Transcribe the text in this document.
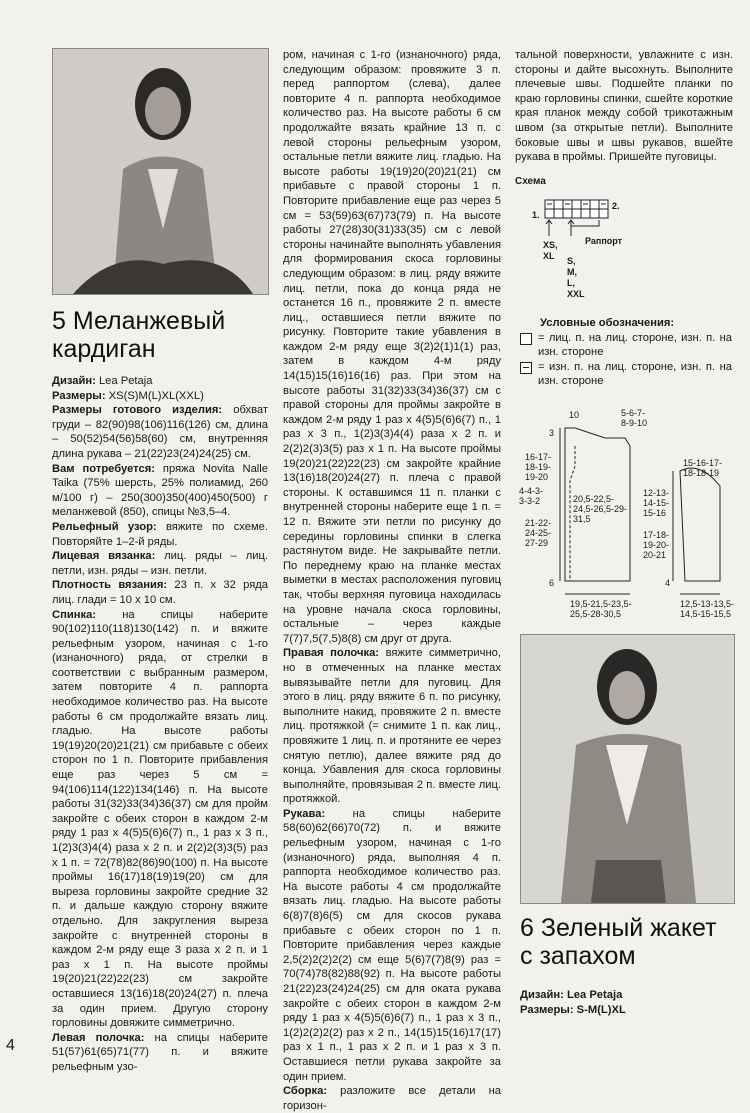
5 Меланжевый
кардиган

Дизайн: Lea Petaja

Размеры: XS(S)M(L)XL(XXL)

Размеры готового изделия: обхват груди – 82(90)98(106)116(126) см, длина – 50(52)54(56)58(60) см, внутренняя длина рукава – 21(22)23(24)24(25) см.

Вам потребуется: пряжа Novita Nalle Taika (75% шерсть, 25% полиамид, 260 м/100 г) – 250(300)350(400)450(500) г меланжевой (850), спицы №3,5–4.

Рельефный узор: вяжите по схеме. Повторяйте 1–2-й ряды.

Лицевая вязанка: лиц. ряды – лиц. петли, изн. ряды – изн. петли.

Плотность вязания: 23 п. x 32 ряда лиц. глади = 10 x 10 см.

Спинка: на спицы наберите 90(102)110(118)130(142) п. и вяжите рельефным узором, начиная с 1-го (изнаночного) ряда, от стрелки в соответствии с выбранным размером, затем повторите 4 п. раппорта необходимое количество раз. На высоте работы 6 см продолжайте вязать лиц. гладью. На высоте работы 19(19)20(20)21(21) см прибавьте с обеих сторон по 1 п. Повторите прибавления еще раз через 5 см = 94(106)114(122)134(146) п. На высоте работы 31(32)33(34)36(37) см для пройм закройте с обеих сторон в каждом 2-м ряду 1 раз x 4(5)5(6)6(7) п., 1 раз x 3 п., 1(2)3(3)4(4) раза x 2 п. и 2(2)2(3)3(5) раз x 1 п. = 72(78)82(86)90(100) п. На высоте проймы 16(17)18(19)19(20) см для выреза горловины закройте средние 32 п. и дальше каждую сторону вяжите отдельно. Для закругления выреза закройте с внутренней стороны в каждом 2-м ряду еще 3 раза x 2 п. и 1 раз x 1 п. На высоте проймы 19(20)21(22)22(23) см закройте оставшиеся 13(16)18(20)24(27) п. плеча за один прием. Другую сторону горловины довяжите симметрично.

Левая полочка: на спицы наберите 51(57)61(65)71(77) п. и вяжите рельефным узо-

ром, начиная с 1-го (изнаночного) ряда, следующим образом: провяжите 3 п. перед раппортом (слева), далее повторите 4 п. раппорта необходимое количество раз. На высоте работы 6 см продолжайте вязать крайние 13 п. с левой стороны рельефным узором, остальные петли вяжите лиц. гладью. На высоте работы 19(19)20(20)21(21) см прибавьте с правой стороны 1 п. Повторите прибавление еще раз через 5 см = 53(59)63(67)73(79) п. На высоте работы 27(28)30(31)33(35) см с левой стороны начинайте выполнять убавления для формирования скоса горловины следующим образом: в лиц. ряду вяжите лиц. петли, пока до конца ряда не останется 16 п., провяжите 2 п. вместе лиц., оставшиеся петли вяжите по рисунку. Повторите такие убавления в каждом 2-м ряду еще 3(2)2(1)1(1) раз, затем в каждом 4-м ряду 14(15)15(16)16(16) раз. При этом на высоте работы 31(32)33(34)36(37) см с правой стороны для проймы закройте в каждом 2-м ряду 1 раз x 4(5)5(6)6(7) п., 1 раз x 3 п., 1(2)3(3)4(4) раза x 2 п. и 2(2)2(3)3(5) раз x 1 п. На высоте проймы 19(20)21(22)22(23) см закройте крайние 13(16)18(20)24(27) п. плеча с правой стороны. К оставшимся 11 п. планки с внутренней стороны наберите еще 1 п. = 12 п. Вяжите эти петли по рисунку до середины горловины спинки в слегка растянутом виде. Не закрывайте петли. По переднему краю на планке местах выметки в местах расположения пуговиц так, чтобы верхняя пуговица находилась на уровне начала скоса горловины, остальные – через каждые 7(7)7,5(7,5)8(8) см друг от друга.

Правая полочка: вяжите симметрично, но в отмеченных на планке местах вывязывайте петли для пуговиц. Для этого в лиц. ряду вяжите 6 п. по рисунку, выполните накид, провяжите 2 п. вместе лиц. протяжкой (= снимите 1 п. как лиц., провяжите 1 лиц. п. и протяните ее через снятую петлю), далее вяжите ряд до конца. Убавления для скоса горловины выполняйте, провязывая 2 п. вместе лиц. протяжкой.

Рукава: на спицы наберите 58(60)62(66)70(72) п. и вяжите рельефным узором, начиная с 1-го (изнаночного) ряда, выполняя 4 п. раппорта необходимое количество раз. На высоте работы 4 см продолжайте вязать лиц. гладью. На высоте работы 6(8)7(8)6(5) см для скосов рукава прибавьте с обеих сторон по 1 п. Повторите прибавления через каждые 2,5(2)2(2)2(2) см еще 5(6)7(7)8(9) раз = 70(74)78(82)88(92) п. На высоте работы 21(22)23(24)24(25) см для оката рукава закройте с обеих сторон в каждом 2-м ряду 1 раз x 4(5)5(6)6(7) п., 1 раз x 3 п., 1(2)2(2)2(2) раз x 2 п., 14(15)15(16)17(17) раз x 1 п., 1 раз x 2 п. и 1 раз x 3 п. Оставшиеся петли рукава закройте за один прием.

Сборка: разложите все детали на горизон-

тальной поверхности, увлажните с изн. стороны и дайте высохнуть. Выполните плечевые швы. Подшейте планки по краю горловины спинки, сшейте короткие края планок между собой трикотажным швом (за открытые петли). Выполните боковые швы и швы рукавов, вшейте рукава в проймы. Пришейте пуговицы.

Схема
1.
2.
Раппорт
XS, XL	S,
M,
L,
XXL

Условные обозначения:

= лиц. п. на лиц. стороне, изн. п. на изн. стороне
= изн. п. на лиц. стороне, изн. п. на изн. стороне
3
10	5-6-7-8-9-10
16-17-18-19-19-20
4-4-3-3-3-2	20,5-22,5-24,5-26,5-29-31,5
21-22-24-25-27-29
6
19,5-21,5-23,5-25,5-28-30,5
15-16-17-18-18-19
12-13-14-15-15-16
17-18-19-20-20-21
4
12,5-13-13,5-14,5-15-15,5
6 Зеленый жакет
с запахом
Дизайн: Lea Petaja
Размеры: S-M(L)XL
4
